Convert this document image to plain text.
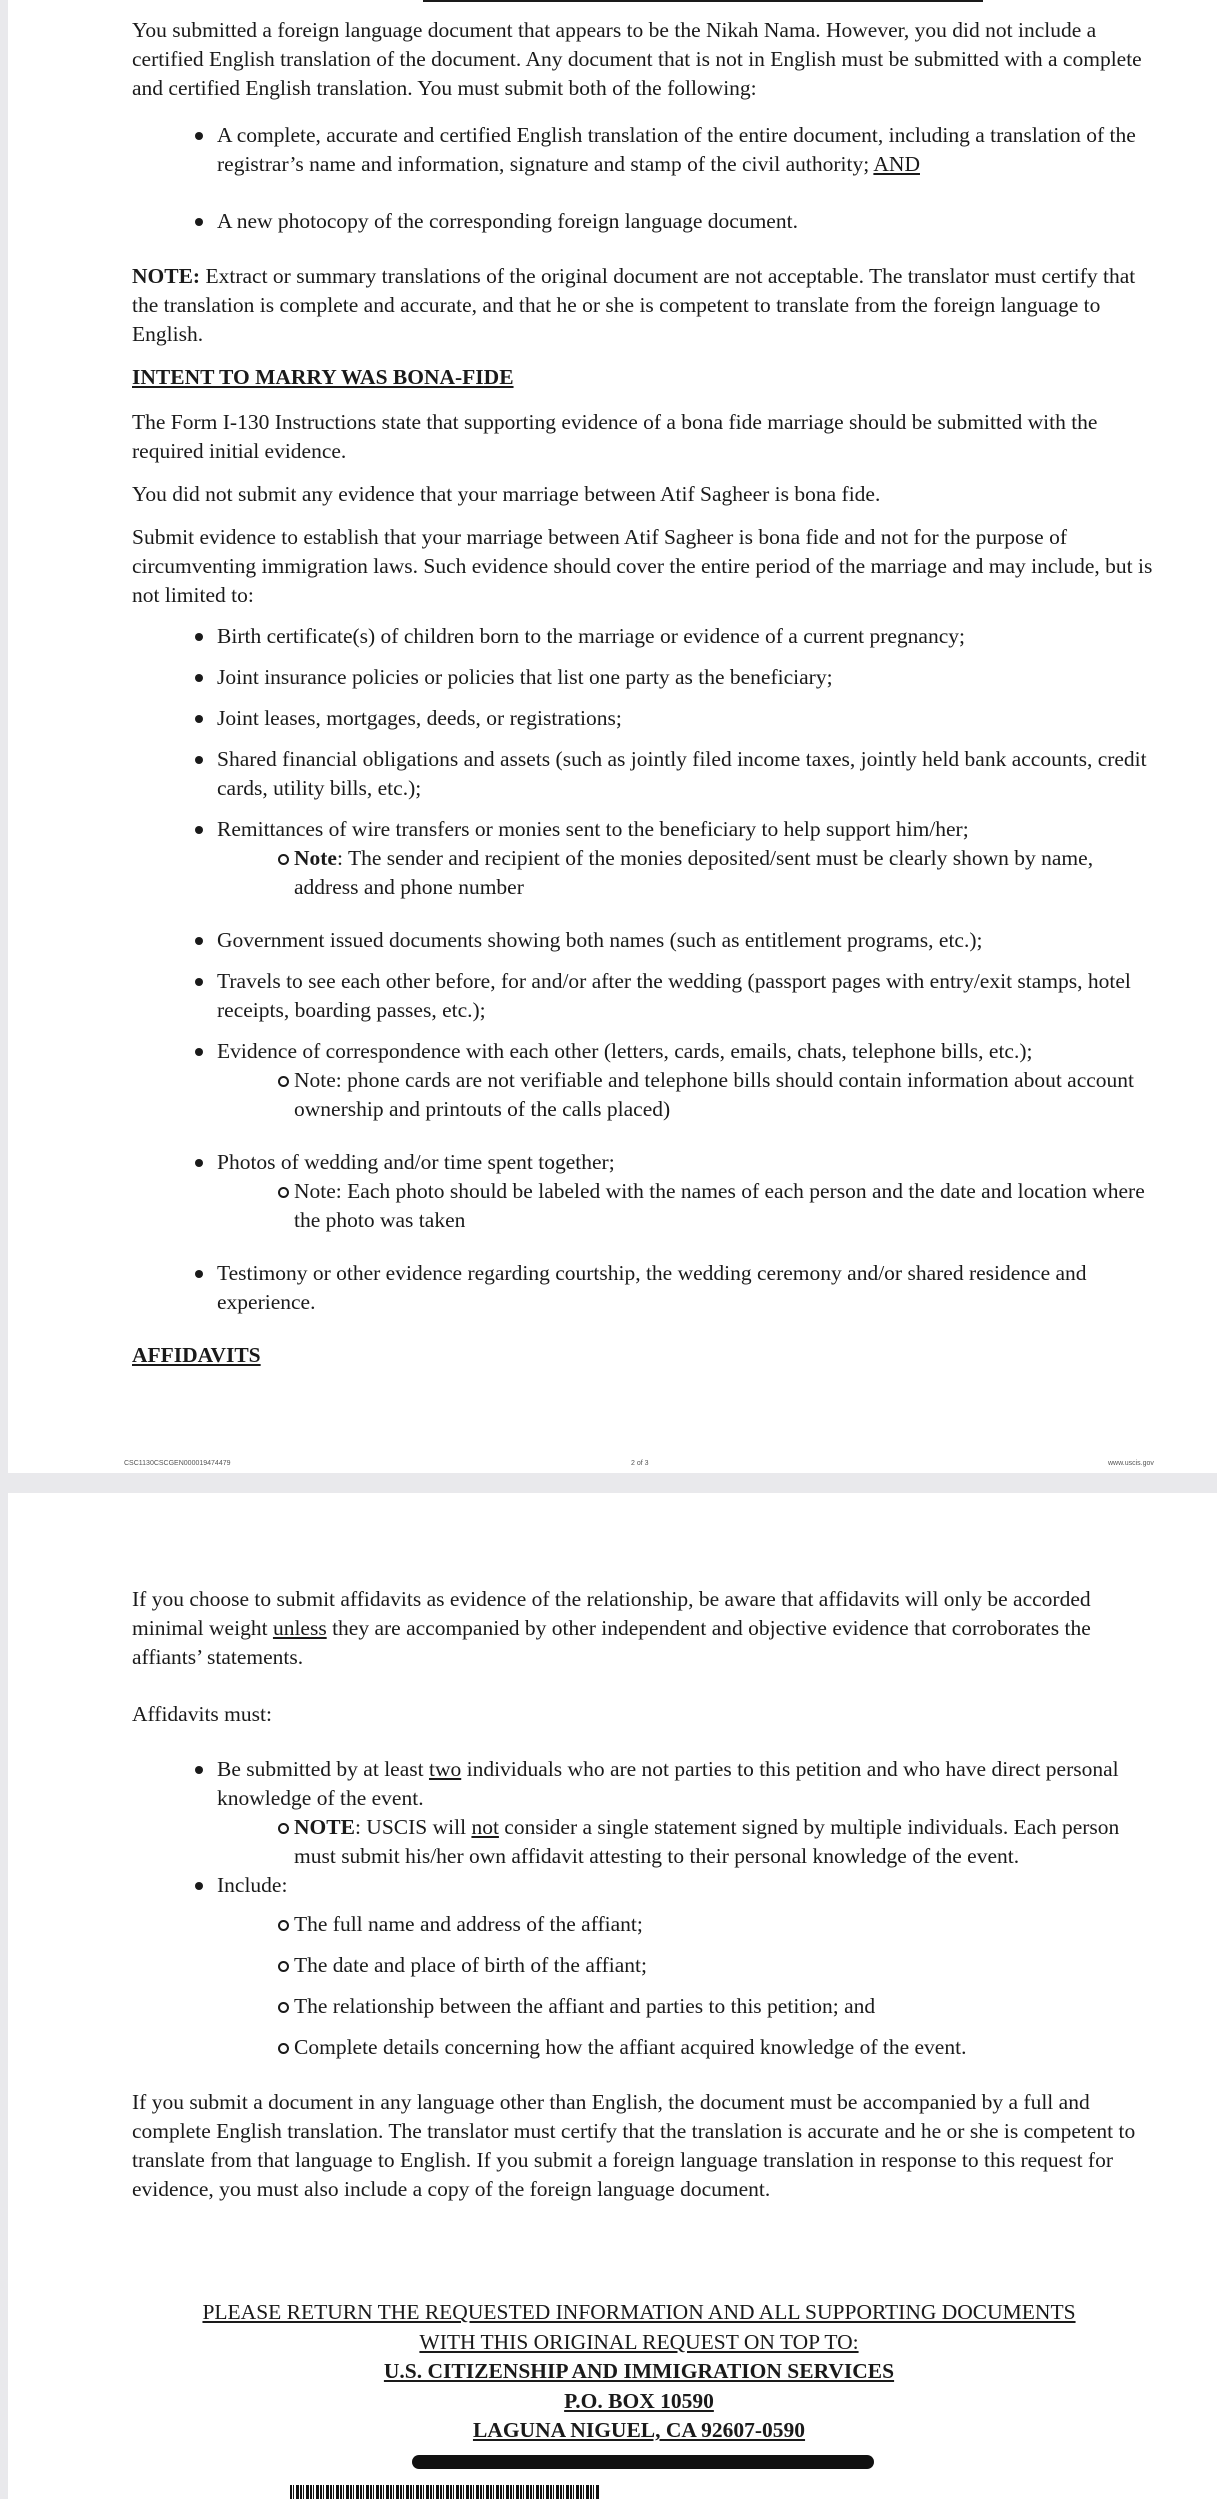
You submitted a foreign language document that appears to be the Nikah Nama. However, you did not include a certified English translation of the document. Any document that is not in English must be submitted with a complete and certified English translation. You must submit both of the following:

A complete, accurate and certified English translation of the entire document, including a translation of the registrar’s name and information, signature and stamp of the civil authority; AND
A new photocopy of the corresponding foreign language document.

NOTE: Extract or summary translations of the original document are not acceptable. The translator must certify that the translation is complete and accurate, and that he or she is competent to translate from the foreign language to English.

INTENT TO MARRY WAS BONA-FIDE

The Form I-130 Instructions state that supporting evidence of a bona fide marriage should be submitted with the required initial evidence.

You did not submit any evidence that your marriage between Atif Sagheer is bona fide.

Submit evidence to establish that your marriage between Atif Sagheer is bona fide and not for the purpose of circumventing immigration laws. Such evidence should cover the entire period of the marriage and may include, but is not limited to:

Birth certificate(s) of children born to the marriage or evidence of a current pregnancy;
Joint insurance policies or policies that list one party as the beneficiary;
Joint leases, mortgages, deeds, or registrations;
Shared financial obligations and assets (such as jointly filed income taxes, jointly held bank accounts, credit cards, utility bills, etc.);
Remittances of wire transfers or monies sent to the beneficiary to help support him/her;
Note: The sender and recipient of the monies deposited/sent must be clearly shown by name, address and phone number
Government issued documents showing both names (such as entitlement programs, etc.);
Travels to see each other before, for and/or after the wedding (passport pages with entry/exit stamps, hotel receipts, boarding passes, etc.);
Evidence of correspondence with each other (letters, cards, emails, chats, telephone bills, etc.);
Note: phone cards are not verifiable and telephone bills should contain information about account ownership and printouts of the calls placed)
Photos of wedding and/or time spent together;
Note: Each photo should be labeled with the names of each person and the date and location where the photo was taken
Testimony or other evidence regarding courtship, the wedding ceremony and/or shared residence and experience.
AFFIDAVITS
CSC1130CSCGEN000019474479	2 of 3	www.uscis.gov

If you choose to submit affidavits as evidence of the relationship, be aware that affidavits will only be accorded minimal weight unless they are accompanied by other independent and objective evidence that corroborates the affiants’ statements.

Affidavits must:

Be submitted by at least two individuals who are not parties to this petition and who have direct personal knowledge of the event.
NOTE: USCIS will not consider a single statement signed by multiple individuals. Each person must submit his/her own affidavit attesting to their personal knowledge of the event.
Include:
The full name and address of the affiant;
The date and place of birth of the affiant;
The relationship between the affiant and parties to this petition; and
Complete details concerning how the affiant acquired knowledge of the event.

If you submit a document in any language other than English, the document must be accompanied by a full and complete English translation. The translator must certify that the translation is accurate and he or she is competent to translate from that language to English. If you submit a foreign language translation in response to this request for evidence, you must also include a copy of the foreign language document.

PLEASE RETURN THE REQUESTED INFORMATION AND ALL SUPPORTING DOCUMENTS
WITH THIS ORIGINAL REQUEST ON TOP TO:
U.S. CITIZENSHIP AND IMMIGRATION SERVICES
P.O. BOX 10590
LAGUNA NIGUEL, CA 92607-0590
